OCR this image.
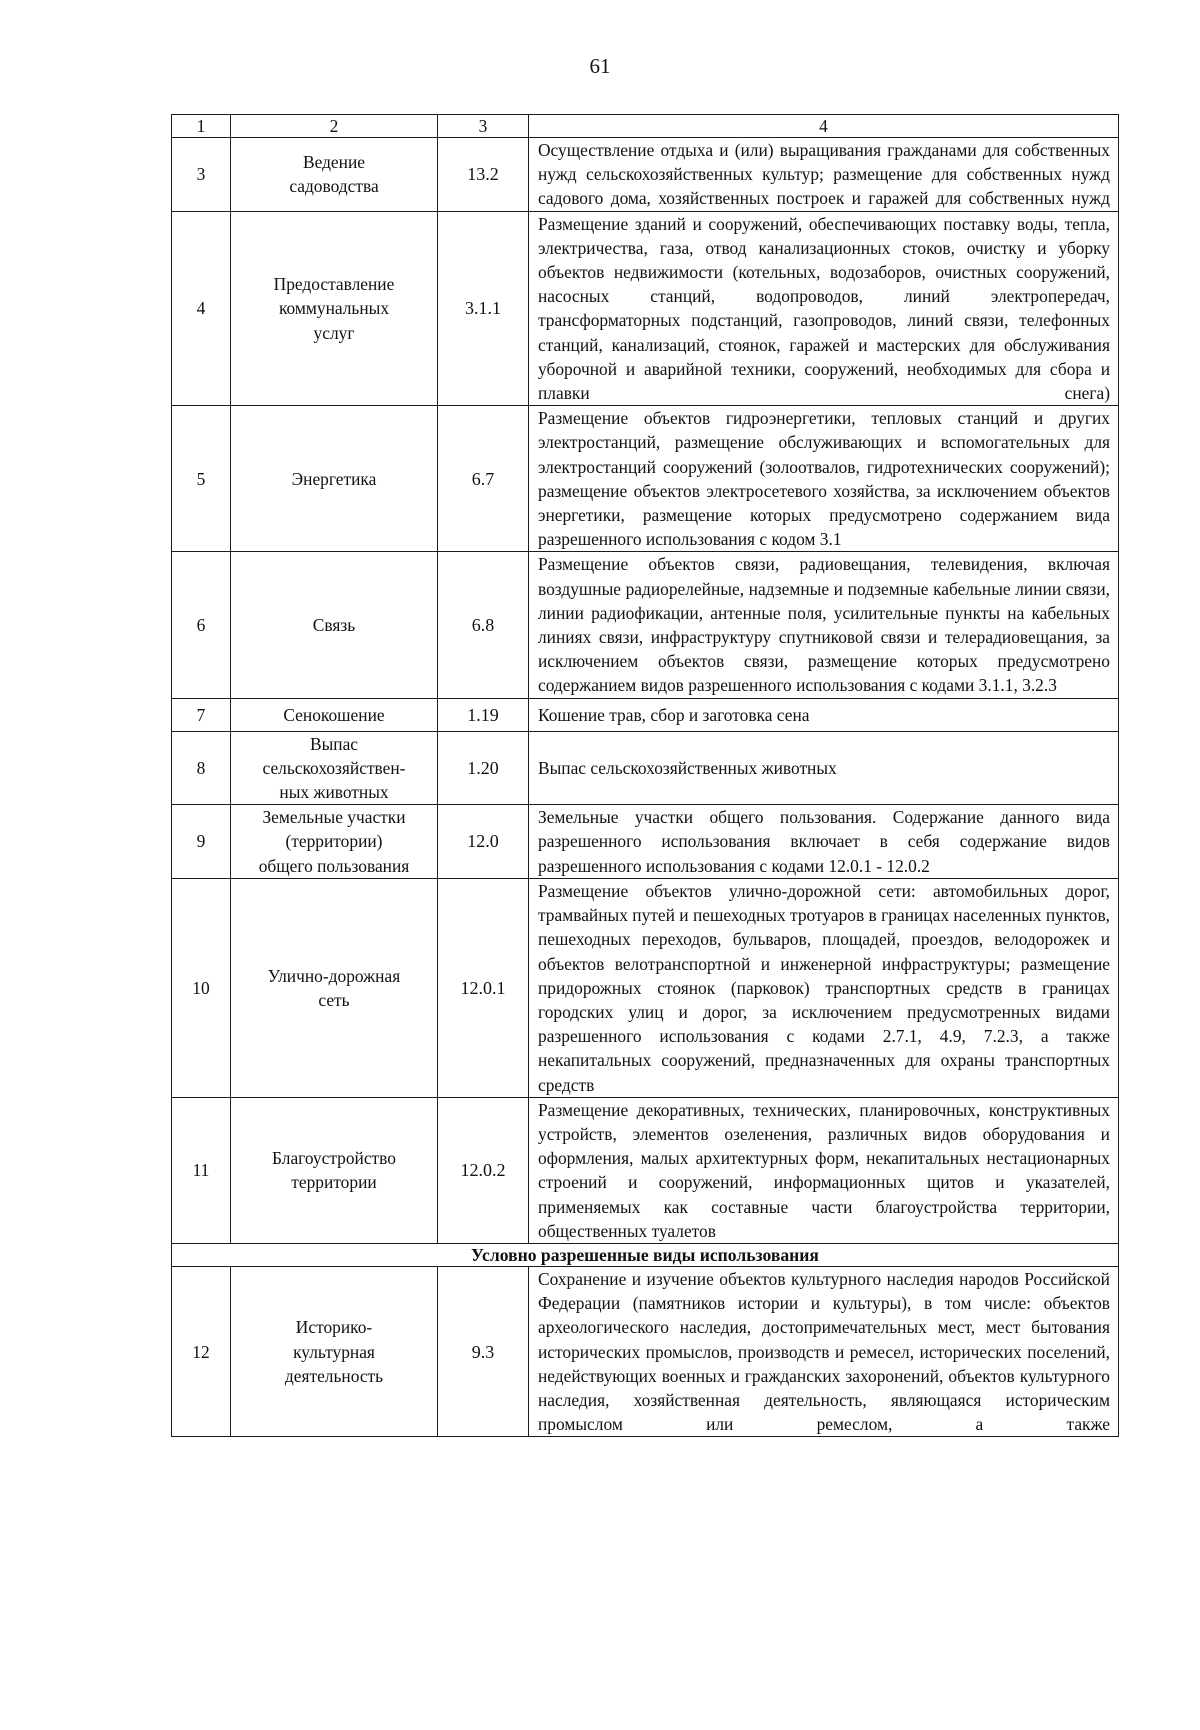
61
1	2	3	4
3	Ведение садоводства	13.2	Осуществление отдыха и (или) выращивания гражданами для собственных нужд сельскохозяйственных культур; размещение для собственных нужд садового дома, хозяйственных построек и гаражей для собственных нужд
4	Предоставление коммунальных услуг	3.1.1	Размещение зданий и сооружений, обеспечивающих поставку воды, тепла, электричества, газа, отвод канализационных стоков, очистку и уборку объектов недвижимости (котельных, водозаборов, очистных сооружений, насосных станций, водопроводов, линий электропередач, трансформаторных подстанций, газопроводов, линий связи, телефонных станций, канализаций, стоянок, гаражей и мастерских для обслуживания уборочной и аварийной техники, сооружений, необходимых для сбора и плавки снега)
5	Энергетика	6.7	Размещение объектов гидроэнергетики, тепловых станций и других электростанций, размещение обслуживающих и вспомогательных для электростанций сооружений (золоотвалов, гидротехнических сооружений); размещение объектов электросетевого хозяйства, за исключением объектов энергетики, размещение которых предусмотрено содержанием вида разрешенного использования с кодом 3.1
6	Связь	6.8	Размещение объектов связи, радиовещания, телевидения, включая воздушные радиорелейные, надземные и подземные кабельные линии связи, линии радиофикации, антенные поля, усилительные пункты на кабельных линиях связи, инфраструктуру спутниковой связи и телерадиовещания, за исключением объектов связи, размещение которых предусмотрено содержанием видов разрешенного использования с кодами 3.1.1, 3.2.3
7	Сенокошение	1.19	Кошение трав, сбор и заготовка сена
8	Выпас
сельскохозяйствен-
ных животных	1.20	Выпас сельскохозяйственных животных
9	Земельные участки
(территории)
общего пользования	12.0	Земельные участки общего пользования. Содержание данного вида разрешенного использования включает в себя содержание видов разрешенного использования с кодами 12.0.1 - 12.0.2
10	Улично-дорожная сеть	12.0.1	Размещение объектов улично-дорожной сети: автомобильных дорог, трамвайных путей и пешеходных тротуаров в границах населенных пунктов, пешеходных переходов, бульваров, площадей, проездов, велодорожек и объектов велотранспортной и инженерной инфраструктуры; размещение придорожных стоянок (парковок) транспортных средств в границах городских улиц и дорог, за исключением предусмотренных видами разрешенного использования с кодами 2.7.1, 4.9, 7.2.3, а также некапитальных сооружений, предназначенных для охраны транспортных средств
11	Благоустройство территории	12.0.2	Размещение декоративных, технических, планировочных, конструктивных устройств, элементов озеленения, различных видов оборудования и оформления, малых архитектурных форм, некапитальных нестационарных строений и сооружений, информационных щитов и указателей, применяемых как составные части благоустройства территории, общественных туалетов
Условно разрешенные виды использования			
12	Историко-культурная деятельность	9.3	Сохранение и изучение объектов культурного наследия народов Российской Федерации (памятников истории и культуры), в том числе: объектов археологического наследия, достопримечательных мест, мест бытования исторических промыслов, производств и ремесел, исторических поселений, недействующих военных и гражданских захоронений, объектов культурного наследия, хозяйственная деятельность, являющаяся историческим промыслом или ремеслом, а также
